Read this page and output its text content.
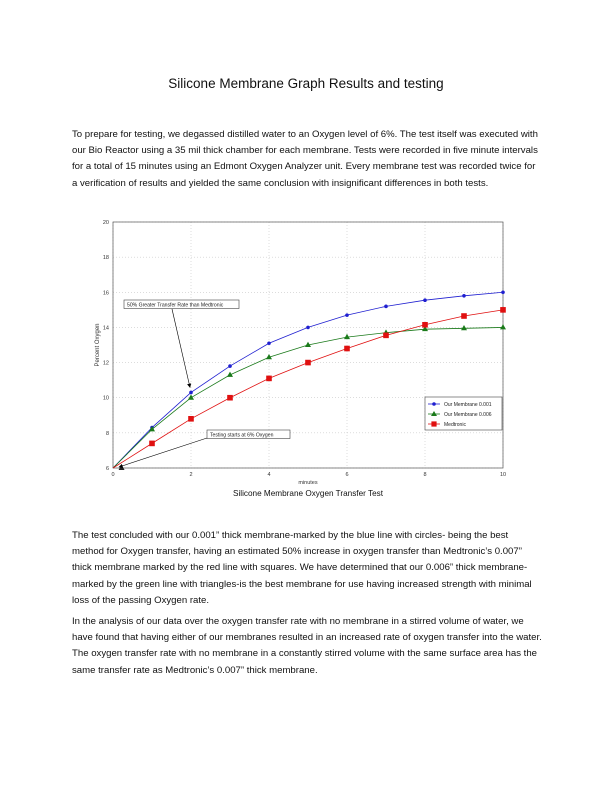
Silicone Membrane Graph Results and testing

To prepare for testing, we degassed distilled water to an Oxygen level of 6%. The test itself was executed with our Bio Reactor using a 35 mil thick chamber for each membrane. Tests were recorded in five minute intervals for a total of 15 minutes using an Edmont Oxygen Analyzer unit. Every membrane test was recorded twice for a verification of results and yielded the same conclusion with insignificant differences in both tests.

6
8
10
12
14
16
18
20
0	2	4	6	8	10
minutes
Percent Oxygen
Silicone Membrane Oxygen Transfer Test
50% Greater Transfer Rate than Medtronic
Testing starts at 6% Oxygen
Our Membrane 0.001
Our Membrane 0.006
Medtronic

The test concluded with our 0.001” thick membrane-marked by the blue line with circles- being the best method for Oxygen transfer, having an estimated 50% increase in oxygen transfer than Medtronic’s 0.007” thick membrane marked by the red line with squares. We have determined that our 0.006” thick membrane-marked by the green line with triangles-is the best membrane for use having increased strength with minimal loss of the passing Oxygen rate.

In the analysis of our data over the oxygen transfer rate with no membrane in a stirred volume of water, we have found that having either of our membranes resulted in an increased rate of oxygen transfer into the water. The oxygen transfer rate with no membrane in a constantly stirred volume with the same surface area has the same transfer rate as Medtronic’s 0.007” thick membrane.
